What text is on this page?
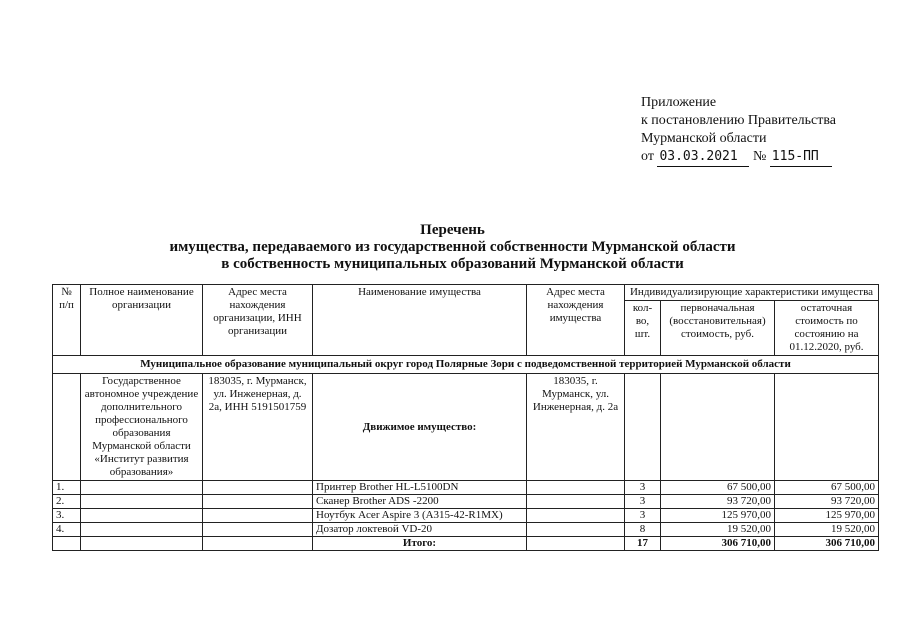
Приложение
к постановлению Правительства
Мурманской области
от 03.03.2021 № 115-ПП
Перечень
имущества, передаваемого из государственной собственности Мурманской области
в собственность муниципальных образований Мурманской области
№ п/п	Полное наименование организации	Адрес места нахождения организации, ИНН организации	Наименование имущества	Адрес места нахождения имущества	Индивидуализирующие характеристики имущества		
					кол-во, шт.	первоначальная (восстановительная) стоимость, руб.	остаточная стоимость по состоянию на 01.12.2020, руб.
Муниципальное образование муниципальный округ город Полярные Зори с подведомственной территорией Мурманской области							
	Государственное автономное учреждение дополнительного профессионального образования Мурманской области «Институт развития образования»	183035, г. Мурманск, ул. Инженерная, д. 2а, ИНН 5191501759	Движимое имущество:	183035, г. Мурманск, ул. Инженерная, д. 2а			
1.			Принтер Brother HL-L5100DN		3	67 500,00	67 500,00
2.			Сканер Brother ADS -2200		3	93 720,00	93 720,00
3.			Ноутбук Acer Aspire 3 (A315-42-R1MX)		3	125 970,00	125 970,00
4.			Дозатор локтевой VD-20		8	19 520,00	19 520,00
			Итого:		17	306 710,00	306 710,00
